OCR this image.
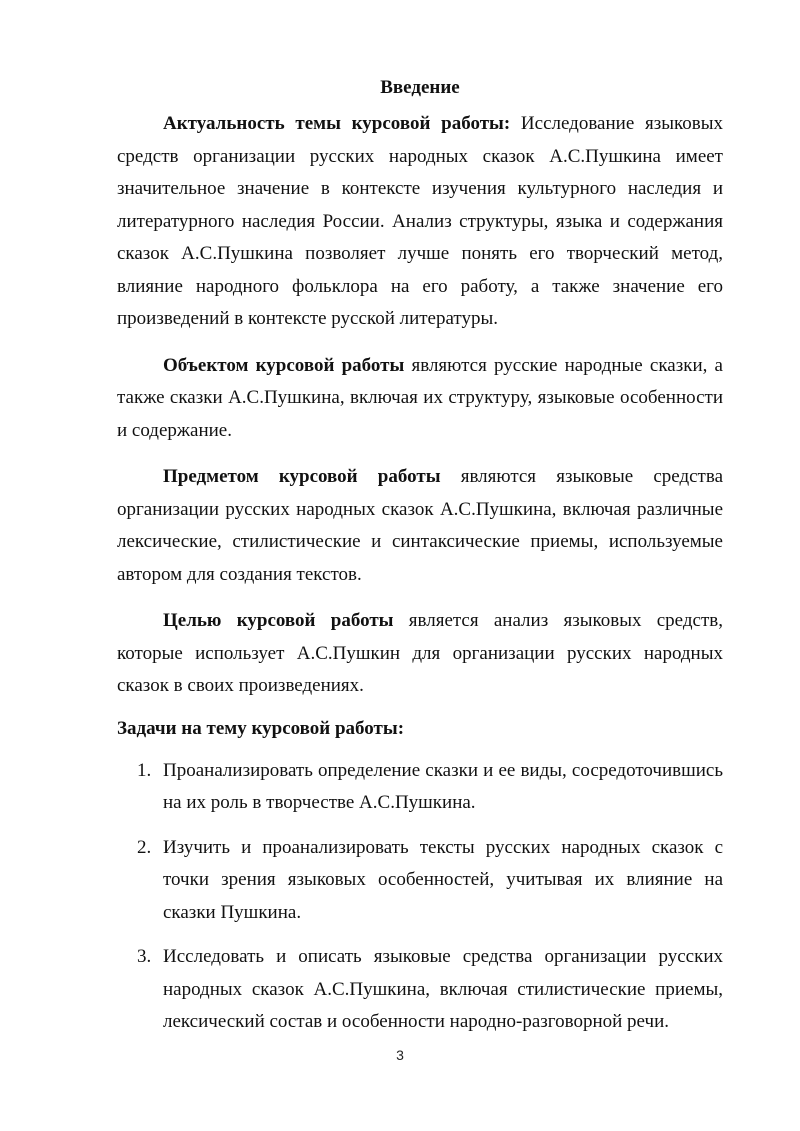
Введение

Актуальность темы курсовой работы: Исследование языковых средств организации русских народных сказок А.С.Пушкина имеет значительное значение в контексте изучения культурного наследия и литературного наследия России. Анализ структуры, языка и содержания сказок А.С.Пушкина позволяет лучше понять его творческий метод, влияние народного фольклора на его работу, а также значение его произведений в контексте русской литературы.

Объектом курсовой работы являются русские народные сказки, а также сказки А.С.Пушкина, включая их структуру, языковые особенности и содержание.

Предметом курсовой работы являются языковые средства организации русских народных сказок А.С.Пушкина, включая различные лексические, стилистические и синтаксические приемы, используемые автором для создания текстов.

Целью курсовой работы является анализ языковых средств, которые использует А.С.Пушкин для организации русских народных сказок в своих произведениях.

Задачи на тему курсовой работы:
1. Проанализировать определение сказки и ее виды, сосредоточившись на их роль в творчестве А.С.Пушкина.
2. Изучить и проанализировать тексты русских народных сказок с точки зрения языковых особенностей, учитывая их влияние на сказки Пушкина.
3. Исследовать и описать языковые средства организации русских народных сказок А.С.Пушкина, включая стилистические приемы, лексический состав и особенности народно-разговорной речи.
3
